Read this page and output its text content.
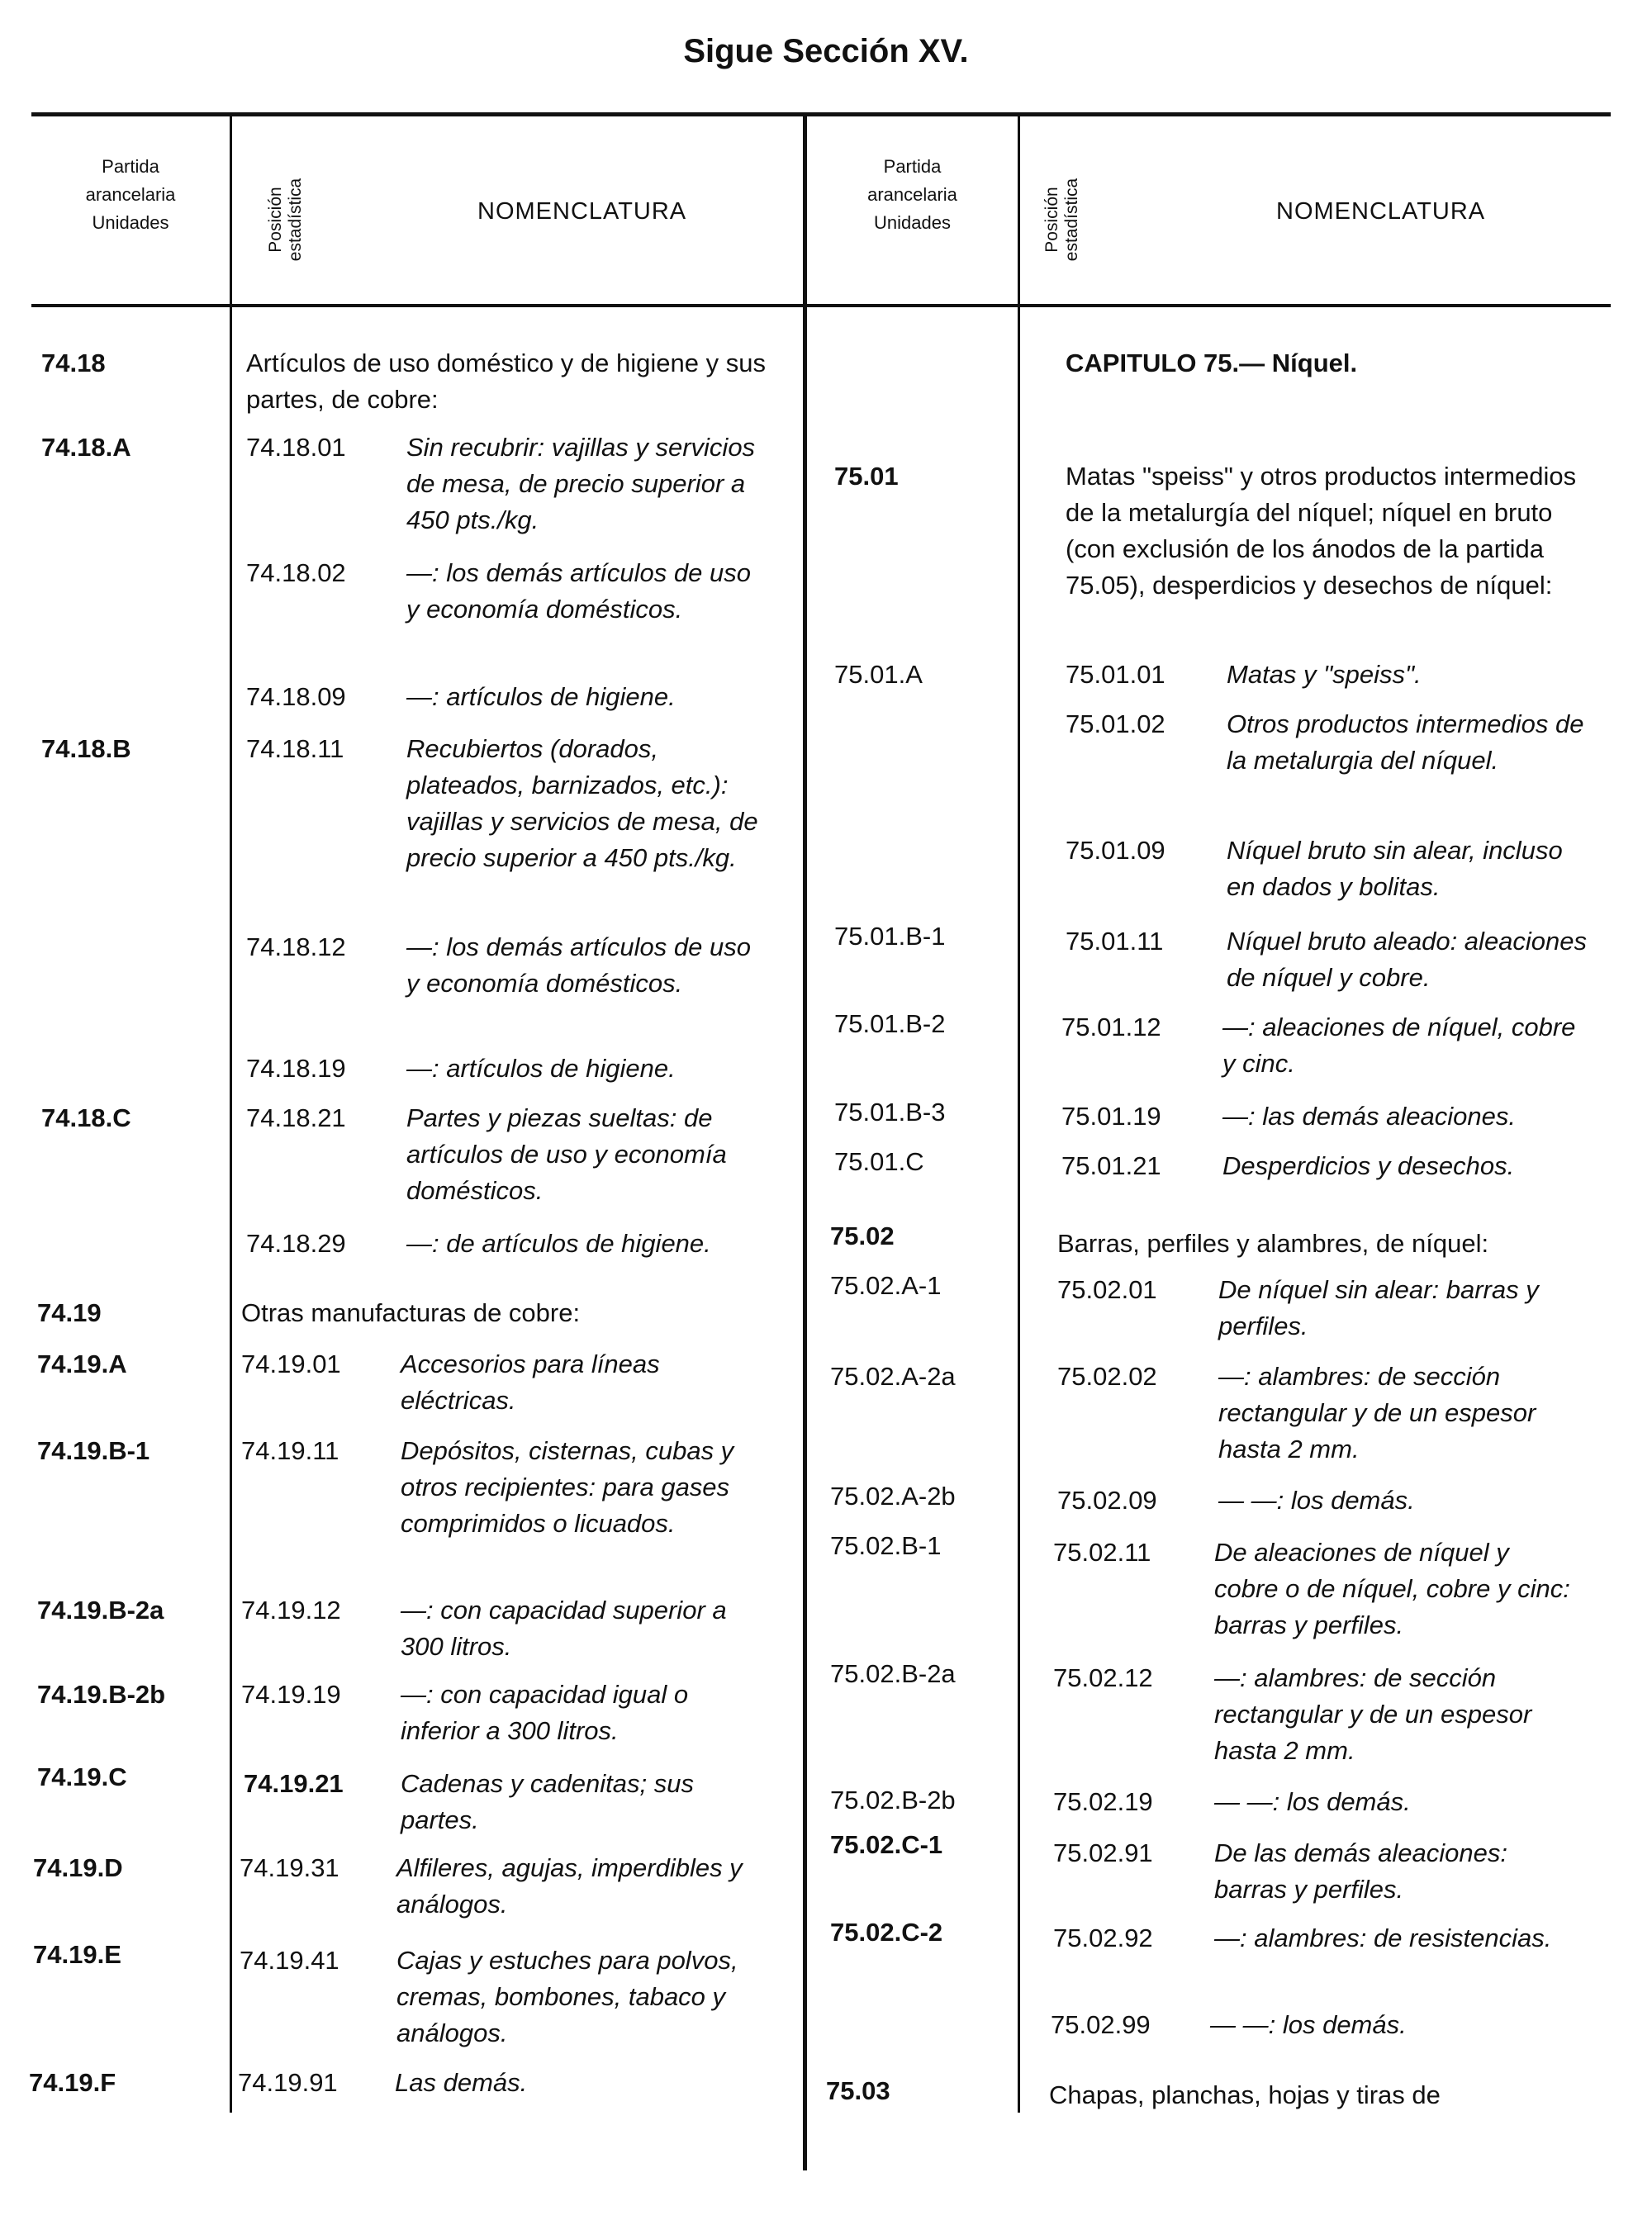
Sigue Sección XV.
Partida
arancelaria
Unidades	Posición estadística	NOMENCLATURA
Partida
arancelaria
Unidades	Posición estadística	NOMENCLATURA
74.18	Artículos de uso doméstico y de higiene y sus partes, de cobre:
74.18.A	74.18.01 Sin recubrir: vajillas y servicios de mesa, de precio superior a 450 pts./kg.
74.18.02 —: los demás artículos de uso y economía domésticos.
74.18.09 —: artículos de higiene.
74.18.B	74.18.11 Recubiertos (dorados, plateados, barnizados, etc.): vajillas y servicios de mesa, de precio superior a 450 pts./kg.
74.18.12 —: los demás artículos de uso y economía domésticos.
74.18.19 —: artículos de higiene.
74.18.C	74.18.21 Partes y piezas sueltas: de artículos de uso y economía domésticos.
74.18.29 —: de artículos de higiene.
74.19	Otras manufacturas de cobre:
74.19.A	74.19.01 Accesorios para líneas eléctricas.
74.19.B-1	74.19.11 Depósitos, cisternas, cubas y otros recipientes: para gases comprimidos o licuados.
74.19.B-2a	74.19.12 —: con capacidad superior a 300 litros.
74.19.B-2b	74.19.19 —: con capacidad igual o inferior a 300 litros.
74.19.C	74.19.21 Cadenas y cadenitas; sus partes.
74.19.D	74.19.31 Alfileres, agujas, imperdibles y análogos.
74.19.E	74.19.41 Cajas y estuches para polvos, cremas, bombones, tabaco y análogos.
74.19.F	74.19.91 Las demás.
CAPITULO 75.— Níquel.
75.01	Matas "speiss" y otros productos intermedios de la metalurgía del níquel; níquel en bruto (con exclusión de los ánodos de la partida 75.05), desperdicios y desechos de níquel:
75.01.A	75.01.01 Matas y "speiss".
75.01.02 Otros productos intermedios de la metalurgia del níquel.
75.01.09 Níquel bruto sin alear, incluso en dados y bolitas.
75.01.B-1	75.01.11 Níquel bruto aleado: aleaciones de níquel y cobre.
75.01.B-2	75.01.12 —: aleaciones de níquel, cobre y cinc.
75.01.B-3	75.01.19 —: las demás aleaciones.
75.01.C	75.01.21 Desperdicios y desechos.
75.02	Barras, perfiles y alambres, de níquel:
75.02.A-1	75.02.01 De níquel sin alear: barras y perfiles.
75.02.A-2a	75.02.02 —: alambres: de sección rectangular y de un espesor hasta 2 mm.
75.02.A-2b	75.02.09 — —: los demás.
75.02.B-1	75.02.11 De aleaciones de níquel y cobre o de níquel, cobre y cinc: barras y perfiles.
75.02.B-2a	75.02.12 —: alambres: de sección rectangular y de un espesor hasta 2 mm.
75.02.B-2b	75.02.19 — —: los demás.
75.02.C-1	75.02.91 De las demás aleaciones: barras y perfiles.
75.02.C-2	75.02.92 —: alambres: de resistencias.
75.02.99 — —: los demás.
75.03	Chapas, planchas, hojas y tiras de
